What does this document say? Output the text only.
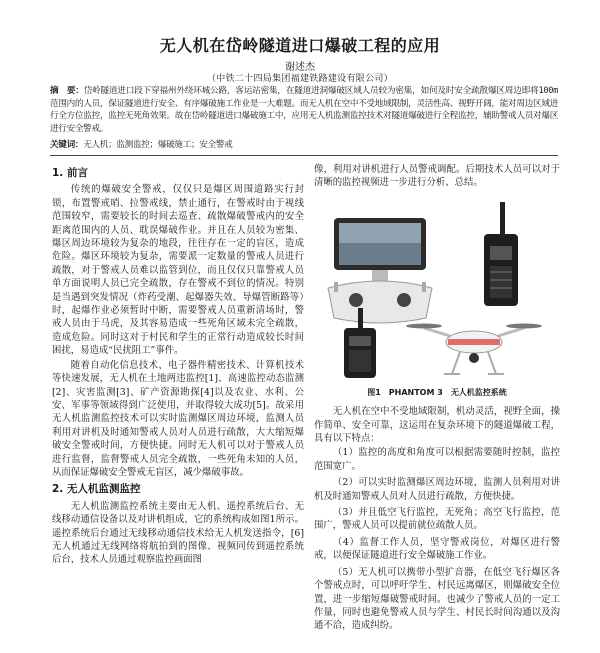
无人机在岱岭隧道进口爆破工程的应用
谢述杰
（中铁二十四局集团福建铁路建设有限公司）
摘　要：岱岭隧道进口段下穿福州外绕环城公路，客运站密集，在隧道进洞爆破区域人员较为密集，如何及时安全疏散爆区周边即将100m范围内的人员，保证隧道进行安全、有序爆破施工作业是一大难题。而无人机在空中不受地域限制，灵活性高、视野开阔，能对周边区域进行全方位监控，监控无死角效果。故在岱岭隧道进口爆破施工中，应用无人机监测监控技术对隧道爆破进行全程监控，辅助警戒人员对爆区进行安全警戒。
关键词：无人机；监测监控；爆破施工；安全警戒
1. 前言
传统的爆破安全警戒，仅仅只是爆区周围道路实行封锁，布置警戒哨、拉警戒线，禁止通行，在警戒时由于视线范围较窄，需要较长的时间去巡查、疏散爆破警戒内的安全距离范围内的人员、耽误爆破作业。并且在人员较为密集、爆区周边环境较为复杂的地段，往往存在一定的盲区，造成危险。爆区环境较为复杂，需要派一定数量的警戒人员进行疏散，对于警戒人员难以监管到位，而且仅仅只靠警戒人员单方面说明人员已完全疏散，存在警戒不到位的情况。特别是当遇到突发情况（炸药受潮、起爆器失效、导爆管断路等）时，起爆作业必须暂时中断，需要警戒人员重新清场时，警戒人员由于马虎，及其容易造成一些死角区域未完全疏散，造成危险。同时这对于村民和学生的正常行动造成较长时间困扰，易造成“民扰阻工”事件。
随着自动化信息技术、电子器件精密技术、计算机技术等快速发展，无人机在土地两违监控[1]、高速监控动态监测[2]、灾害监测[3]、矿产资源勘探[4]以及农业、水利、公安、军事等领域得到广泛使用，并取得较大成功[5]。故采用无人机监测监控技术可以实时监测爆区周边环境，监测人员利用对讲机及时通知警戒人员对人员进行疏散，大大缩短爆破安全警戒时间，方便快捷。同时无人机可以对于警戒人员进行监督，监督警戒人员完全疏散，一些死角未知的人员，从而保证爆破安全警戒无盲区，减少爆破事故。
2. 无人机监测监控
无人机监测监控系统主要由无人机、遥控系统后台、无线移动通信设备以及对讲机组成，它的系统构成如图1所示。遥控系统后台通过无线移动通信技术给无人机发送指令，[6]无人机通过无线网络将航拍到的图像、视频同传到遥控系统后台，技术人员通过观察监控画面图
像，利用对讲机进行人员警戒调配。后期技术人员可以对于清晰的监控视频进一步进行分析、总结。
图1　PHANTOM 3　无人机监控系统
无人机在空中不受地域限制，机动灵活，视野全面，操作简单、安全可靠，这运用在复杂环境下的隧道爆破工程，具有以下特点：
（1）监控的高度和角度可以根据需要随时控制，监控范围宽广。
（2）可以实时监测爆区周边环境，监测人员利用对讲机及时通知警戒人员对人员进行疏散，方便快捷。
（3）并且低空飞行监控，无死角；高空飞行监控，范围广，警戒人员可以提前就位疏散人员。
（4）监督工作人员，坚守警戒岗位，对爆区进行警戒，以便保证隧道进行安全爆破施工作业。
（5）无人机可以携带小型扩音器，在低空飞行爆区各个警戒点时，可以呼吁学生、村民远离爆区，则爆破安全位置，进一步缩短爆破警戒时间。也减少了警戒人员的一定工作量，同时也避免警戒人员与学生、村民长时间沟通以及沟通不洽，造成纠纷。
